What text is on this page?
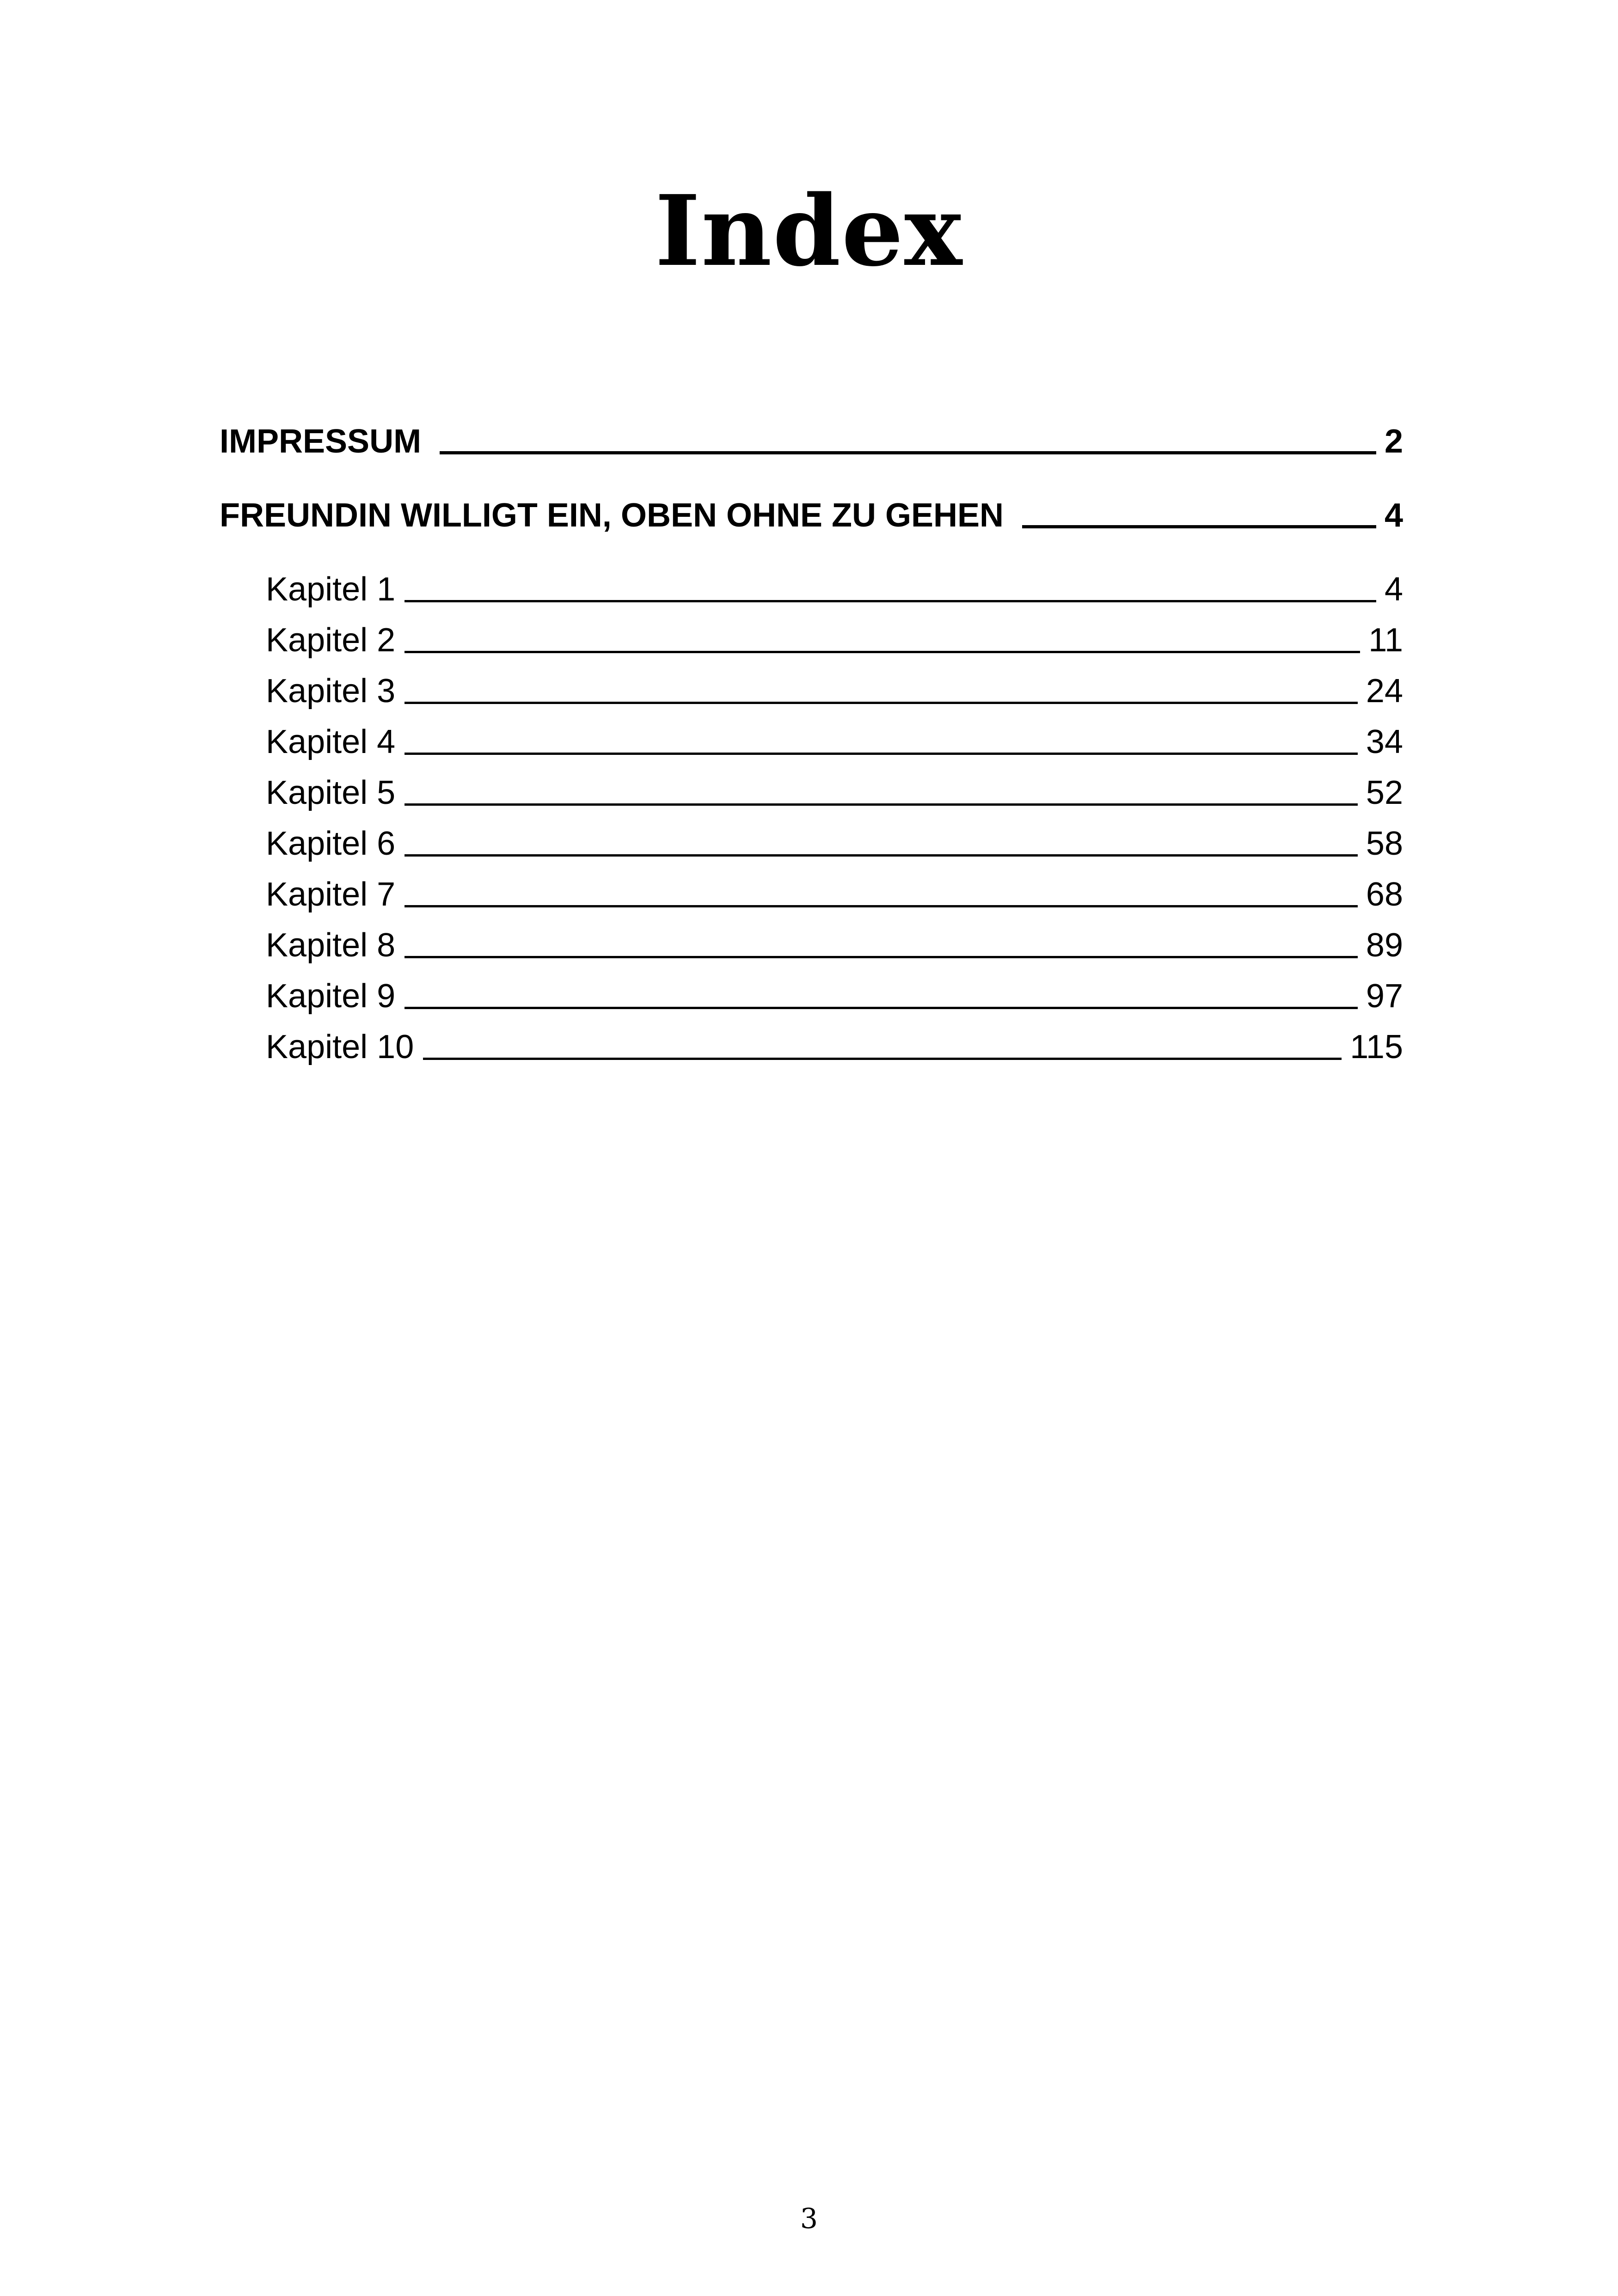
Index
IMPRESSUM	2
FREUNDIN WILLIGT EIN, OBEN OHNE ZU GEHEN	4
Kapitel 1	4
Kapitel 2	11
Kapitel 3	24
Kapitel 4	34
Kapitel 5	52
Kapitel 6	58
Kapitel 7	68
Kapitel 8	89
Kapitel 9	97
Kapitel 10	115
3
